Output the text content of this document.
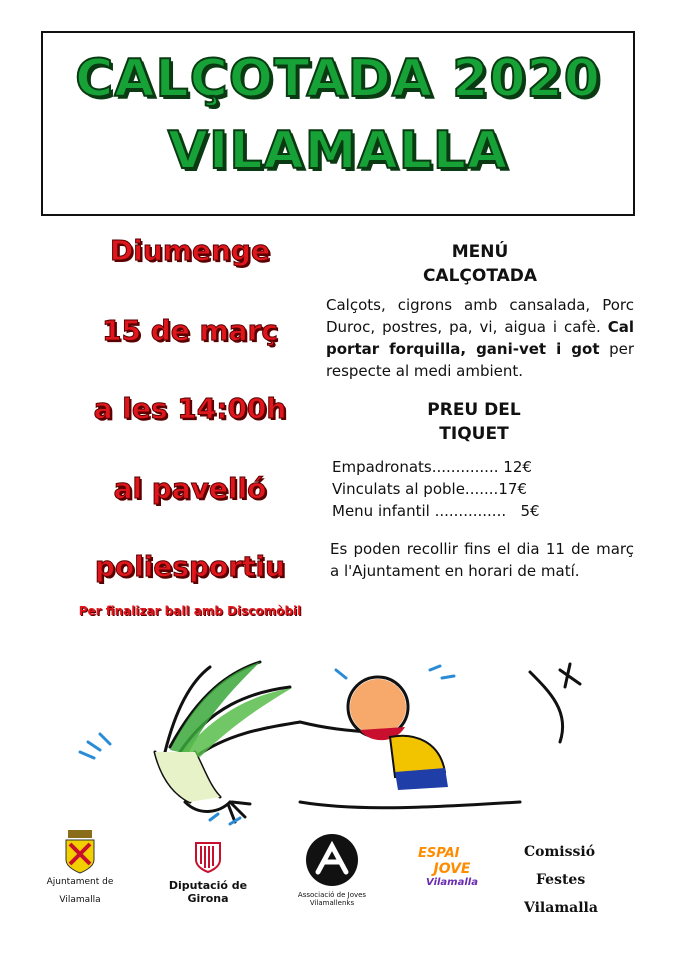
CALÇOTADA 2020
VILAMALLA
Diumenge
15 de març
a les 14:00h
al pavelló
poliesportiu
Per finalizar ball amb Discomòbil
MENÚ
CALÇOTADA
Calçots, cigrons amb cansalada, Porc Duroc, postres, pa, vi, aigua i cafè. Cal portar forquilla, gani-vet i got per respecte al medi ambient.
PREU DEL
TIQUET
Empadronats.............. 12€
Vinculats al poble.......17€
Menu infantil ............... 5€
Es poden recollir fins el dia 11 de març a l'Ajuntament en horari de matí.
Ajuntament de
Vilamalla
Diputació de Girona	Associació de Joves
Vilamallenks
ESPAI
JOVE
Vilamalla
Comissió
Festes
Vilamalla
